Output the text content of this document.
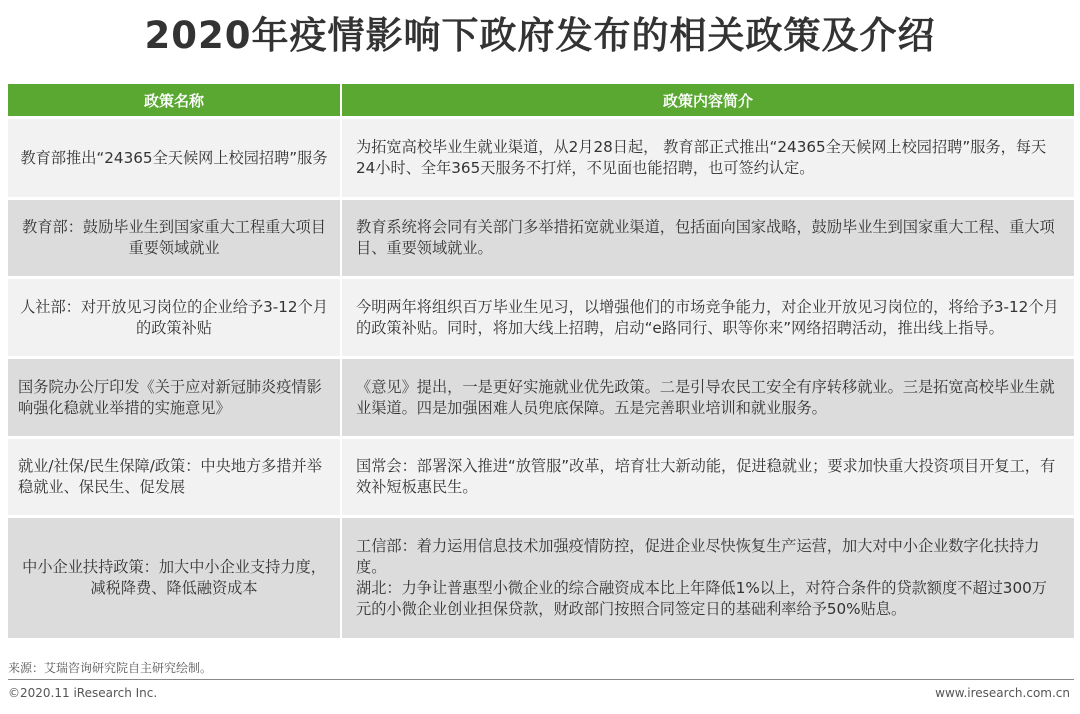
2020年疫情影响下政府发布的相关政策及介绍
政策名称	政策内容简介
教育部推出“24365全天候网上校园招聘”服务
为拓宽高校毕业生就业渠道，从2月28日起， 教育部正式推出“24365全天候网上校园招聘”服务，每天24小时、全年365天服务不打烊，不见面也能招聘，也可签约认定。
教育部：鼓励毕业生到国家重大工程重大项目重要领域就业
教育系统将会同有关部门多举措拓宽就业渠道，包括面向国家战略，鼓励毕业生到国家重大工程、重大项目、重要领域就业。
人社部：对开放见习岗位的企业给予3-12个月的政策补贴
今明两年将组织百万毕业生见习，以增强他们的市场竞争能力，对企业开放见习岗位的，将给予3-12个月的政策补贴。同时，将加大线上招聘，启动“e路同行、职等你来”网络招聘活动，推出线上指导。
国务院办公厅印发《关于应对新冠肺炎疫情影响强化稳就业举措的实施意见》
《意见》提出，一是更好实施就业优先政策。二是引导农民工安全有序转移就业。三是拓宽高校毕业生就业渠道。四是加强困难人员兜底保障。五是完善职业培训和就业服务。
就业/社保/民生保障/政策：中央地方多措并举稳就业、保民生、促发展
国常会：部署深入推进“放管服”改革，培育壮大新动能，促进稳就业；要求加快重大投资项目开复工，有效补短板惠民生。
中小企业扶持政策：加大中小企业支持力度，减税降费、降低融资成本
工信部：着力运用信息技术加强疫情防控，促进企业尽快恢复生产运营，加大对中小企业数字化扶持力度。
湖北：力争让普惠型小微企业的综合融资成本比上年降低1%以上，对符合条件的贷款额度不超过300万元的小微企业创业担保贷款，财政部门按照合同签定日的基础利率给予50%贴息。
来源：艾瑞咨询研究院自主研究绘制。
©2020.11 iResearch Inc.	www.iresearch.com.cn
